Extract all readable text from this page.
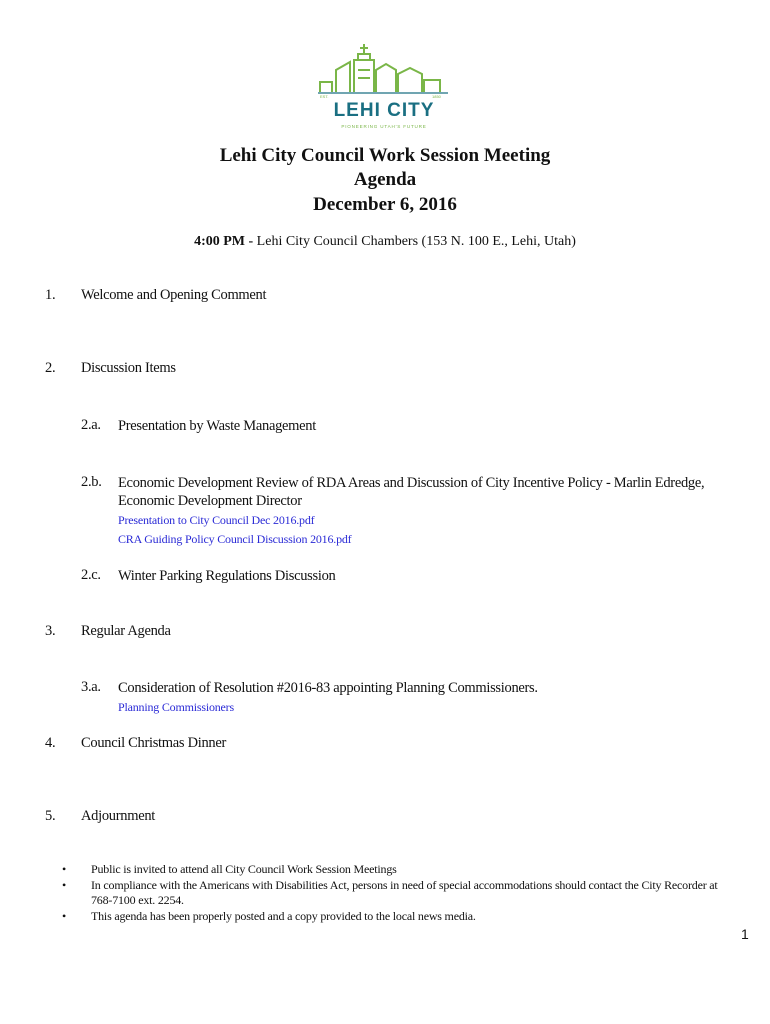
EST.	1850
LEHI CITY
PIONEERING UTAH'S FUTURE
Lehi City Council Work Session Meeting
Agenda
December 6, 2016
4:00 PM - Lehi City Council Chambers (153 N. 100 E., Lehi, Utah)
1. Welcome and Opening Comment
2. Discussion Items
2.a. Presentation by Waste Management
2.b. Economic Development Review of RDA Areas and Discussion of City Incentive Policy - Marlin Edredge, Economic Development Director
Presentation to City Council Dec 2016.pdf
CRA Guiding Policy Council Discussion 2016.pdf
2.c. Winter Parking Regulations Discussion
3. Regular Agenda
3.a. Consideration of Resolution #2016-83 appointing Planning Commissioners.
Planning Commissioners
4. Council Christmas Dinner
5. Adjournment
• Public is invited to attend all City Council Work Session Meetings
• In compliance with the Americans with Disabilities Act, persons in need of special accommodations should contact the City Recorder at 768-7100 ext. 2254.
• This agenda has been properly posted and a copy provided to the local news media.
1
